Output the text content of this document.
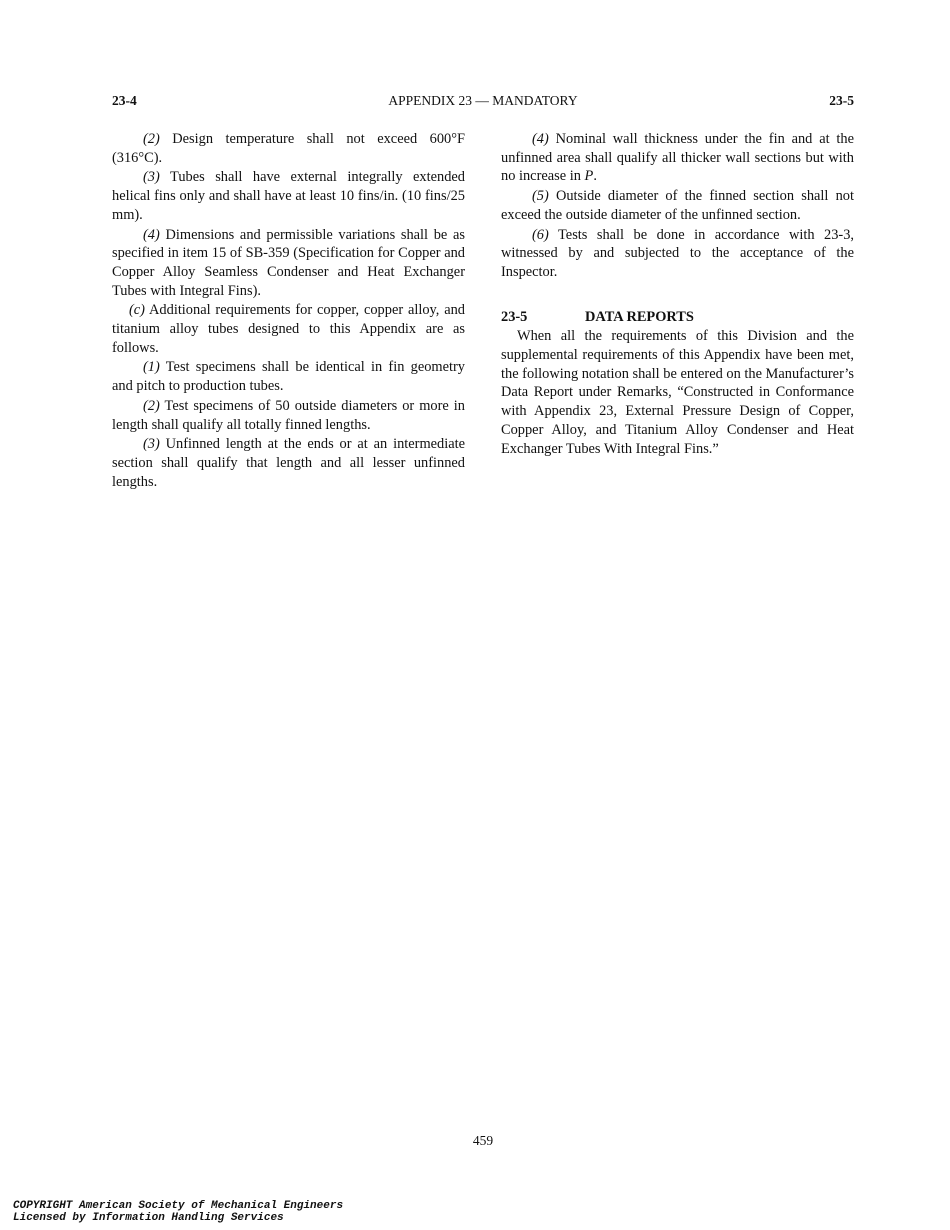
23-4	APPENDIX 23 — MANDATORY	23-5

(2) Design temperature shall not exceed 600°F (316°C).

(3) Tubes shall have external integrally extended helical fins only and shall have at least 10 fins/in. (10 fins/25 mm).

(4) Dimensions and permissible variations shall be as specified in item 15 of SB-359 (Specification for Copper and Copper Alloy Seamless Condenser and Heat Exchanger Tubes with Integral Fins).

(c) Additional requirements for copper, copper alloy, and titanium alloy tubes designed to this Appendix are as follows.

(1) Test specimens shall be identical in fin geometry and pitch to production tubes.

(2) Test specimens of 50 outside diameters or more in length shall qualify all totally finned lengths.

(3) Unfinned length at the ends or at an intermediate section shall qualify that length and all lesser unfinned lengths.

(4) Nominal wall thickness under the fin and at the unfinned area shall qualify all thicker wall sections but with no increase in P.

(5) Outside diameter of the finned section shall not exceed the outside diameter of the unfinned section.

(6) Tests shall be done in accordance with 23-3, witnessed by and subjected to the acceptance of the Inspector.

23-5	DATA REPORTS

When all the requirements of this Division and the supplemental requirements of this Appendix have been met, the following notation shall be entered on the Manufacturer’s Data Report under Remarks, “Constructed in Conformance with Appendix 23, External Pressure Design of Copper, Copper Alloy, and Titanium Alloy Condenser and Heat Exchanger Tubes With Integral Fins.”

459
COPYRIGHT American Society of Mechanical Engineers
Licensed by Information Handling Services
